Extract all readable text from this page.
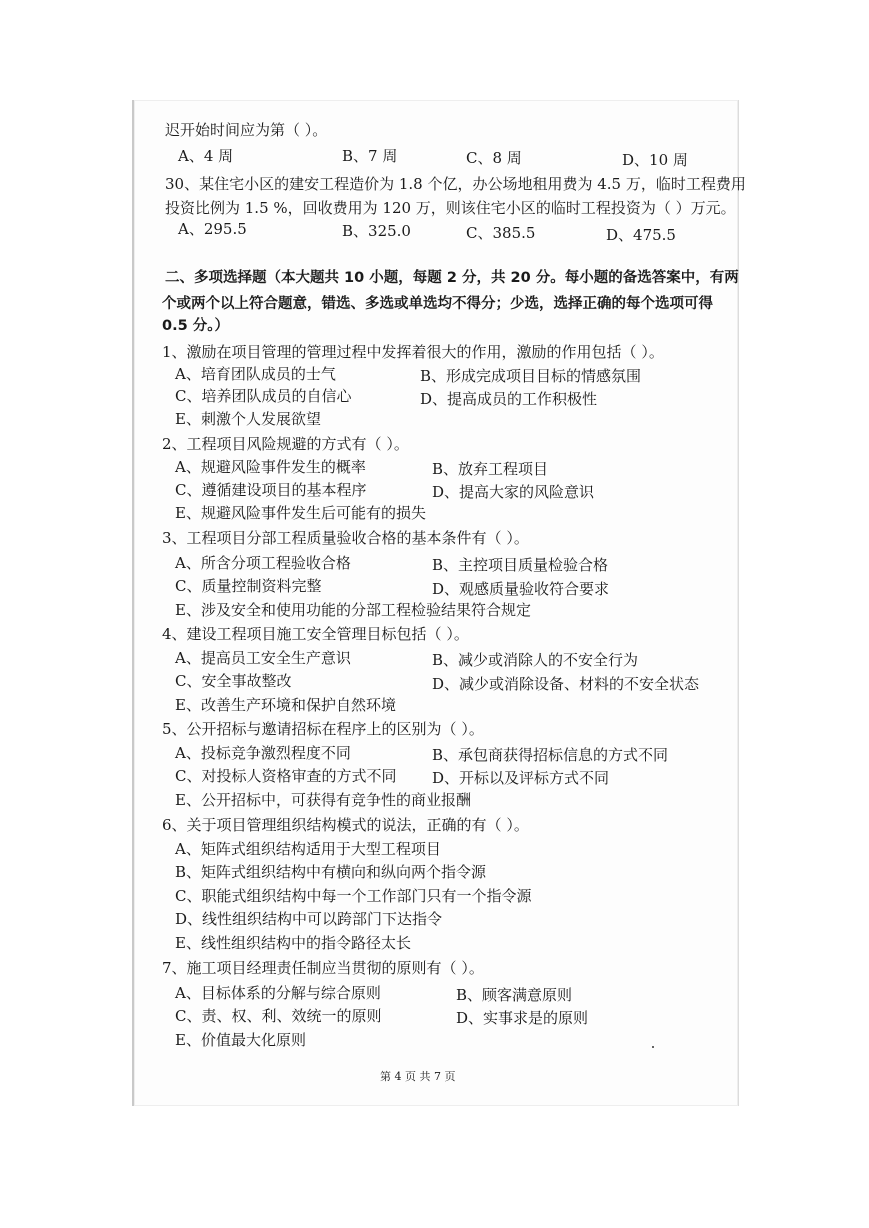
迟开始时间应为第（ ）。
A、4 周	B、7 周	C、8 周	D、10 周
30、某住宅小区的建安工程造价为 1.8 个亿，办公场地租用费为 4.5 万，临时工程费用
投资比例为 1.5 %，回收费用为 120 万，则该住宅小区的临时工程投资为（ ）万元。
A、295.5	B、325.0	C、385.5	D、475.5
二、多项选择题（本大题共 10 小题，每题 2 分，共 20 分。每小题的备选答案中，有两
个或两个以上符合题意，错选、多选或单选均不得分；少选，选择正确的每个选项可得
0.5 分。）
1、激励在项目管理的管理过程中发挥着很大的作用，激励的作用包括（ ）。
A、培育团队成员的士气	B、形成完成项目目标的情感氛围
C、培养团队成员的自信心	D、提高成员的工作积极性
E、刺激个人发展欲望
2、工程项目风险规避的方式有（ ）。
A、规避风险事件发生的概率	B、放弃工程项目
C、遵循建设项目的基本程序	D、提高大家的风险意识
E、规避风险事件发生后可能有的损失
3、工程项目分部工程质量验收合格的基本条件有（ ）。
A、所含分项工程验收合格	B、主控项目质量检验合格
C、质量控制资料完整	D、观感质量验收符合要求
E、涉及安全和使用功能的分部工程检验结果符合规定
4、建设工程项目施工安全管理目标包括（ ）。
A、提高员工安全生产意识	B、减少或消除人的不安全行为
C、安全事故整改	D、减少或消除设备、材料的不安全状态
E、改善生产环境和保护自然环境
5、公开招标与邀请招标在程序上的区别为（ ）。
A、投标竞争激烈程度不同	B、承包商获得招标信息的方式不同
C、对投标人资格审查的方式不同 D、开标以及评标方式不同
E、公开招标中，可获得有竞争性的商业报酬
6、关于项目管理组织结构模式的说法，正确的有（ ）。
A、矩阵式组织结构适用于大型工程项目
B、矩阵式组织结构中有横向和纵向两个指令源
C、职能式组织结构中每一个工作部门只有一个指令源
D、线性组织结构中可以跨部门下达指令
E、线性组织结构中的指令路径太长
7、施工项目经理责任制应当贯彻的原则有（ ）。
A、目标体系的分解与综合原则	B、顾客满意原则
C、责、权、利、效统一的原则	D、实事求是的原则
E、价值最大化原则
第 4 页 共 7 页
